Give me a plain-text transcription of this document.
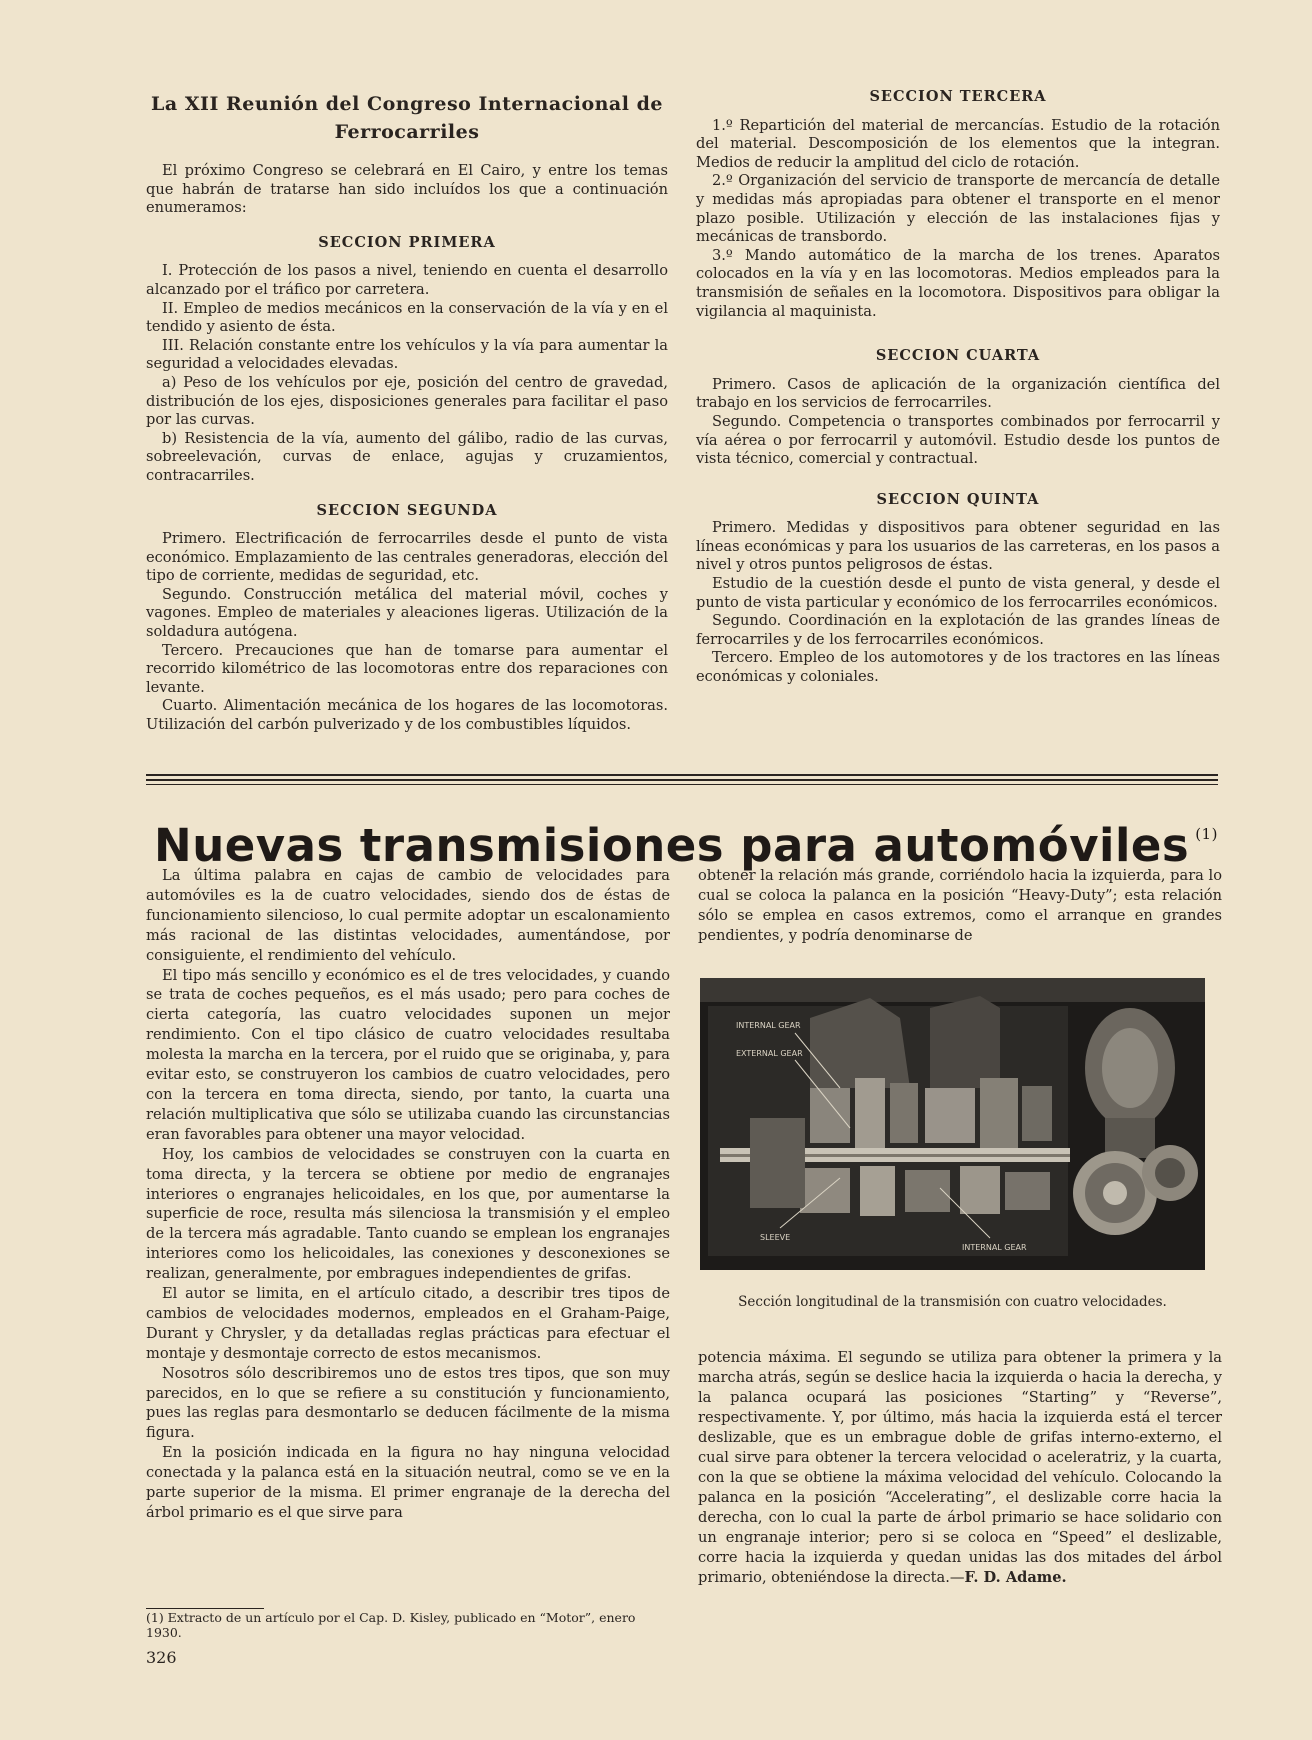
La XII Reunión del Congreso Internacional de Ferrocarriles

El próximo Congreso se celebrará en El Cairo, y entre los temas que habrán de tratarse han sido incluídos los que a continuación enumeramos:

SECCION PRIMERA

I. Protección de los pasos a nivel, teniendo en cuenta el desarrollo alcanzado por el tráfico por carretera.

II. Empleo de medios mecánicos en la conservación de la vía y en el tendido y asiento de ésta.

III. Relación constante entre los vehículos y la vía para aumentar la seguridad a velocidades elevadas.

a) Peso de los vehículos por eje, posición del centro de gravedad, distribución de los ejes, disposiciones generales para facilitar el paso por las curvas.

b) Resistencia de la vía, aumento del gálibo, radio de las curvas, sobreelevación, curvas de enlace, agujas y cruzamientos, contracarriles.

SECCION SEGUNDA

Primero. Electrificación de ferrocarriles desde el punto de vista económico. Emplazamiento de las centrales generadoras, elección del tipo de corriente, medidas de seguridad, etc.

Segundo. Construcción metálica del material móvil, coches y vagones. Empleo de materiales y aleaciones ligeras. Utilización de la soldadura autógena.

Tercero. Precauciones que han de tomarse para aumentar el recorrido kilométrico de las locomotoras entre dos reparaciones con levante.

Cuarto. Alimentación mecánica de los hogares de las locomotoras. Utilización del carbón pulverizado y de los combustibles líquidos.

SECCION TERCERA

1.º Repartición del material de mercancías. Estudio de la rotación del material. Descomposición de los elementos que la integran. Medios de reducir la amplitud del ciclo de rotación.

2.º Organización del servicio de transporte de mercancía de detalle y medidas más apropiadas para obtener el transporte en el menor plazo posible. Utilización y elección de las instalaciones fijas y mecánicas de transbordo.

3.º Mando automático de la marcha de los trenes. Aparatos colocados en la vía y en las locomotoras. Medios empleados para la transmisión de señales en la locomotora. Dispositivos para obligar la vigilancia al maquinista.

SECCION CUARTA

Primero. Casos de aplicación de la organización científica del trabajo en los servicios de ferrocarriles.

Segundo. Competencia o transportes combinados por ferrocarril y vía aérea o por ferrocarril y automóvil. Estudio desde los puntos de vista técnico, comercial y contractual.

SECCION QUINTA

Primero. Medidas y dispositivos para obtener seguridad en las líneas económicas y para los usuarios de las carreteras, en los pasos a nivel y otros puntos peligrosos de éstas.

Estudio de la cuestión desde el punto de vista general, y desde el punto de vista particular y económico de los ferrocarriles económicos.

Segundo. Coordinación en la explotación de las grandes líneas de ferrocarriles y de los ferrocarriles económicos.

Tercero. Empleo de los automotores y de los tractores en las líneas económicas y coloniales.

Nuevas transmisiones para automóviles $^{(1)}$

La última palabra en cajas de cambio de velocidades para automóviles es la de cuatro velocidades, siendo dos de éstas de funcionamiento silencioso, lo cual permite adoptar un escalonamiento más racional de las distintas velocidades, aumentándose, por consiguiente, el rendimiento del vehículo.

El tipo más sencillo y económico es el de tres velocidades, y cuando se trata de coches pequeños, es el más usado; pero para coches de cierta categoría, las cuatro velocidades suponen un mejor rendimiento. Con el tipo clásico de cuatro velocidades resultaba molesta la marcha en la tercera, por el ruido que se originaba, y, para evitar esto, se construyeron los cambios de cuatro velocidades, pero con la tercera en toma directa, siendo, por tanto, la cuarta una relación multiplicativa que sólo se utilizaba cuando las circunstancias eran favorables para obtener una mayor velocidad.

Hoy, los cambios de velocidades se construyen con la cuarta en toma directa, y la tercera se obtiene por medio de engranajes interiores o engranajes helicoidales, en los que, por aumentarse la superficie de roce, resulta más silenciosa la transmisión y el empleo de la tercera más agradable. Tanto cuando se emplean los engranajes interiores como los helicoidales, las conexiones y desconexiones se realizan, generalmente, por embragues independientes de grifas.

El autor se limita, en el artículo citado, a describir tres tipos de cambios de velocidades modernos, empleados en el Graham-Paige, Durant y Chrysler, y da detalladas reglas prácticas para efectuar el montaje y desmontaje correcto de estos mecanismos.

Nosotros sólo describiremos uno de estos tres tipos, que son muy parecidos, en lo que se refiere a su constitución y funcionamiento, pues las reglas para desmontarlo se deducen fácilmente de la misma figura.

En la posición indicada en la figura no hay ninguna velocidad conectada y la palanca está en la situación neutral, como se ve en la parte superior de la misma. El primer engranaje de la derecha del árbol primario es el que sirve para

obtener la relación más grande, corriéndolo hacia la izquierda, para lo cual se coloca la palanca en la posición “Heavy-Duty”; esta relación sólo se emplea en casos extremos, como el arranque en grandes pendientes, y podría denominarse de

INTERNAL GEAR
EXTERNAL GEAR
SLEEVE
INTERNAL GEAR
Sección longitudinal de la transmisión con cuatro velocidades.

potencia máxima. El segundo se utiliza para obtener la primera y la marcha atrás, según se deslice hacia la izquierda o hacia la derecha, y la palanca ocupará las posiciones “Starting” y “Reverse”, respectivamente. Y, por último, más hacia la izquierda está el tercer deslizable, que es un embrague doble de grifas interno-externo, el cual sirve para obtener la tercera velocidad o aceleratriz, y la cuarta, con la que se obtiene la máxima velocidad del vehículo. Colocando la palanca en la posición “Accelerating”, el deslizable corre hacia la derecha, con lo cual la parte de árbol primario se hace solidario con un engranaje interior; pero si se coloca en “Speed” el deslizable, corre hacia la izquierda y quedan unidas las dos mitades del árbol primario, obteniéndose la directa.—F. D. Adame.

(1) Extracto de un artículo por el Cap. D. Kisley, publicado en “Motor”, enero 1930.
326
